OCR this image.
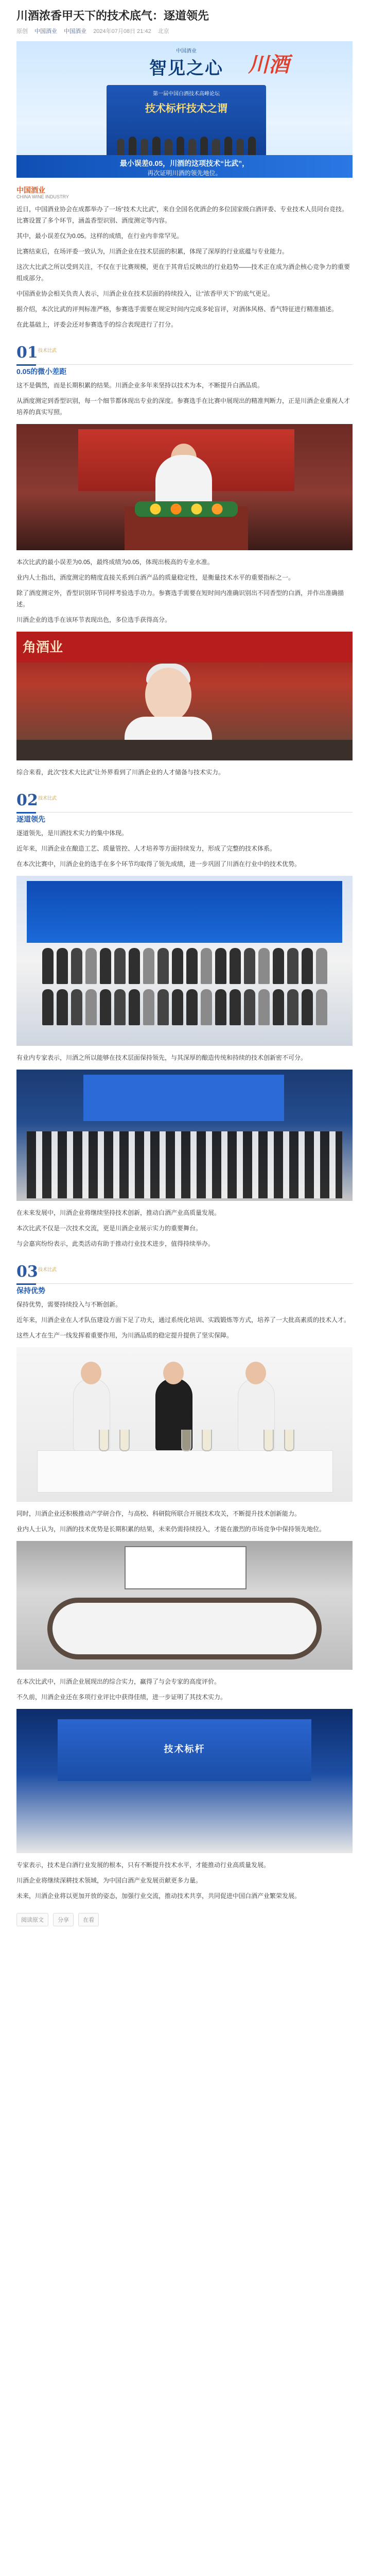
川酒浓香甲天下的技术底气：逐道领先
原创 中国酒业 中国酒业 2024年07月08日 21:42 北京
中国酒业
智见之心	川酒
第一届中国白酒技术高峰论坛
技术标杆技术之谓
最小误差0.05，川酒的这项技术“比武”，
再次证明川酒的领先地位。
中国酒业
CHINA WINE INDUSTRY

近日，中国酒业协会在成都举办了一场“技术大比武”，来自全国名优酒企的多位国家级白酒评委、专业技术人员同台竞技。比赛设置了多个环节，涵盖香型识别、酒度测定等内容。

其中，最小误差仅为0.05。这样的成绩，在行业内非常罕见。

比赛结束后，在场评委一致认为，川酒企业在技术层面的积累，体现了深厚的行业底蕴与专业能力。

这次大比武之所以受到关注，不仅在于比赛规模，更在于其背后反映出的行业趋势——技术正在成为酒企核心竞争力的重要组成部分。

中国酒业协会相关负责人表示，川酒企业在技术层面的持续投入，让“浓香甲天下”的底气更足。

据介绍，本次比武的评判标准严格，参赛选手需要在规定时间内完成多轮盲评，对酒体风格、香气特征进行精准描述。

在此基础上，评委会还对参赛选手的综合表现进行了打分。

01 技术比武
0.05的微小差距

这不是偶然，而是长期积累的结果。川酒企业多年来坚持以技术为本，不断提升白酒品质。

从酒度测定到香型识别，每一个细节都体现出专业的深度。参赛选手在比赛中展现出的精准判断力，正是川酒企业重视人才培养的真实写照。

本次比武的最小误差为0.05，最终成绩为0.05，体现出极高的专业水准。

业内人士指出，酒度测定的精度直接关系到白酒产品的质量稳定性，是衡量技术水平的重要指标之一。

除了酒度测定外，香型识别环节同样考验选手功力。参赛选手需要在短时间内准确识别出不同香型的白酒，并作出准确描述。

川酒企业的选手在该环节表现出色，多位选手获得高分。

角酒业

综合来看，此次“技术大比武”让外界看到了川酒企业的人才储备与技术实力。

02 技术比武
逐道领先

逐道领先，是川酒技术实力的集中体现。

近年来，川酒企业在酿造工艺、质量管控、人才培养等方面持续发力，形成了完整的技术体系。

在本次比赛中，川酒企业的选手在多个环节均取得了领先成绩，进一步巩固了川酒在行业中的技术优势。

有业内专家表示，川酒之所以能够在技术层面保持领先，与其深厚的酿造传统和持续的技术创新密不可分。

在未来发展中，川酒企业将继续坚持技术创新，推动白酒产业高质量发展。

本次比武不仅是一次技术交流，更是川酒企业展示实力的重要舞台。

与会嘉宾纷纷表示，此类活动有助于推动行业技术进步，值得持续举办。

03 技术比武
保持优势

保持优势，需要持续投入与不断创新。

近年来，川酒企业在人才队伍建设方面下足了功夫，通过系统化培训、实践锻炼等方式，培养了一大批高素质的技术人才。

这些人才在生产一线发挥着重要作用，为川酒品质的稳定提升提供了坚实保障。

同时，川酒企业还积极推动产学研合作，与高校、科研院所联合开展技术攻关，不断提升技术创新能力。

业内人士认为，川酒的技术优势是长期积累的结果，未来仍需持续投入，才能在激烈的市场竞争中保持领先地位。

在本次比武中，川酒企业展现出的综合实力，赢得了与会专家的高度评价。

不久前，川酒企业还在多项行业评比中获得佳绩，进一步证明了其技术实力。

技术标杆

专家表示，技术是白酒行业发展的根本，只有不断提升技术水平，才能推动行业高质量发展。

川酒企业将继续深耕技术领域，为中国白酒产业发展贡献更多力量。

未来，川酒企业将以更加开放的姿态，加强行业交流，推动技术共享，共同促进中国白酒产业繁荣发展。

阅读原文 分享 在看
